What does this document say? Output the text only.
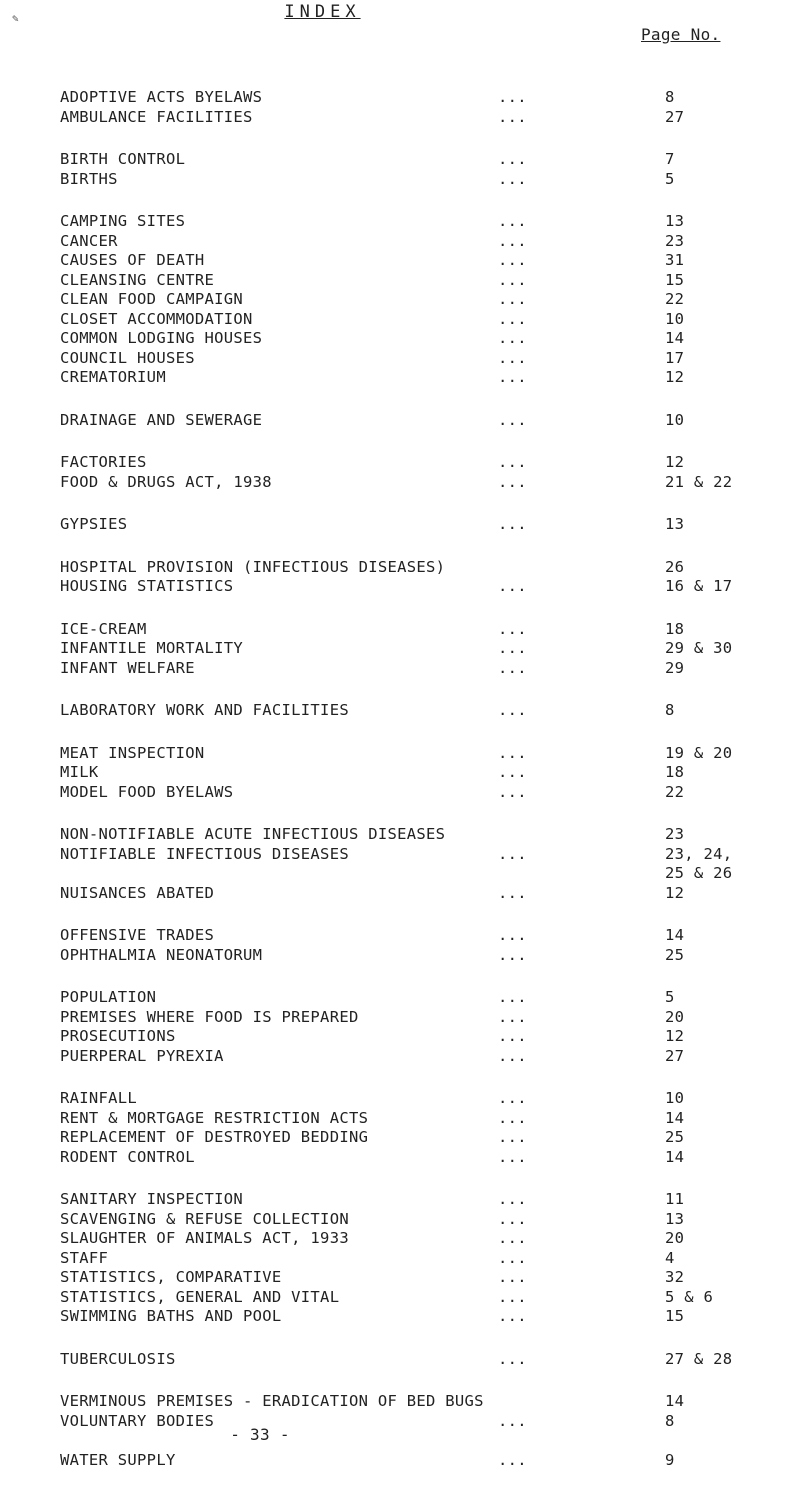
✎	INDEX
Page No.
ADOPTIVE ACTS BYELAWS	...	8
AMBULANCE FACILITIES	...	27
BIRTH CONTROL	...	7
BIRTHS	...	5
CAMPING SITES	...	13
CANCER	...	23
CAUSES OF DEATH	...	31
CLEANSING CENTRE	...	15
CLEAN FOOD CAMPAIGN	...	22
CLOSET ACCOMMODATION	...	10
COMMON LODGING HOUSES	...	14
COUNCIL HOUSES	...	17
CREMATORIUM	...	12
DRAINAGE AND SEWERAGE	...	10
FACTORIES	...	12
FOOD & DRUGS ACT, 1938	...	21 & 22
GYPSIES	...	13
HOSPITAL PROVISION (INFECTIOUS DISEASES)	26
HOUSING STATISTICS	...	16 & 17
ICE-CREAM	...	18
INFANTILE MORTALITY	...	29 & 30
INFANT WELFARE	...	29
LABORATORY WORK AND FACILITIES	...	8
MEAT INSPECTION	...	19 & 20
MILK	...	18
MODEL FOOD BYELAWS	...	22
NON-NOTIFIABLE ACUTE INFECTIOUS DISEASES	23
NOTIFIABLE INFECTIOUS DISEASES	...	23, 24,
25 & 26
NUISANCES ABATED	...	12
OFFENSIVE TRADES	...	14
OPHTHALMIA NEONATORUM	...	25
POPULATION	...	5
PREMISES WHERE FOOD IS PREPARED	...	20
PROSECUTIONS	...	12
PUERPERAL PYREXIA	...	27
RAINFALL	...	10
RENT & MORTGAGE RESTRICTION ACTS	...	14
REPLACEMENT OF DESTROYED BEDDING	...	25
RODENT CONTROL	...	14
SANITARY INSPECTION	...	11
SCAVENGING & REFUSE COLLECTION	...	13
SLAUGHTER OF ANIMALS ACT, 1933	...	20
STAFF	...	4
STATISTICS, COMPARATIVE	...	32
STATISTICS, GENERAL AND VITAL	...	5 & 6
SWIMMING BATHS AND POOL	...	15
TUBERCULOSIS	...	27 & 28
VERMINOUS PREMISES - ERADICATION OF BED BUGS	14
VOLUNTARY BODIES	...	8
WATER SUPPLY	...	9
- 33 -
